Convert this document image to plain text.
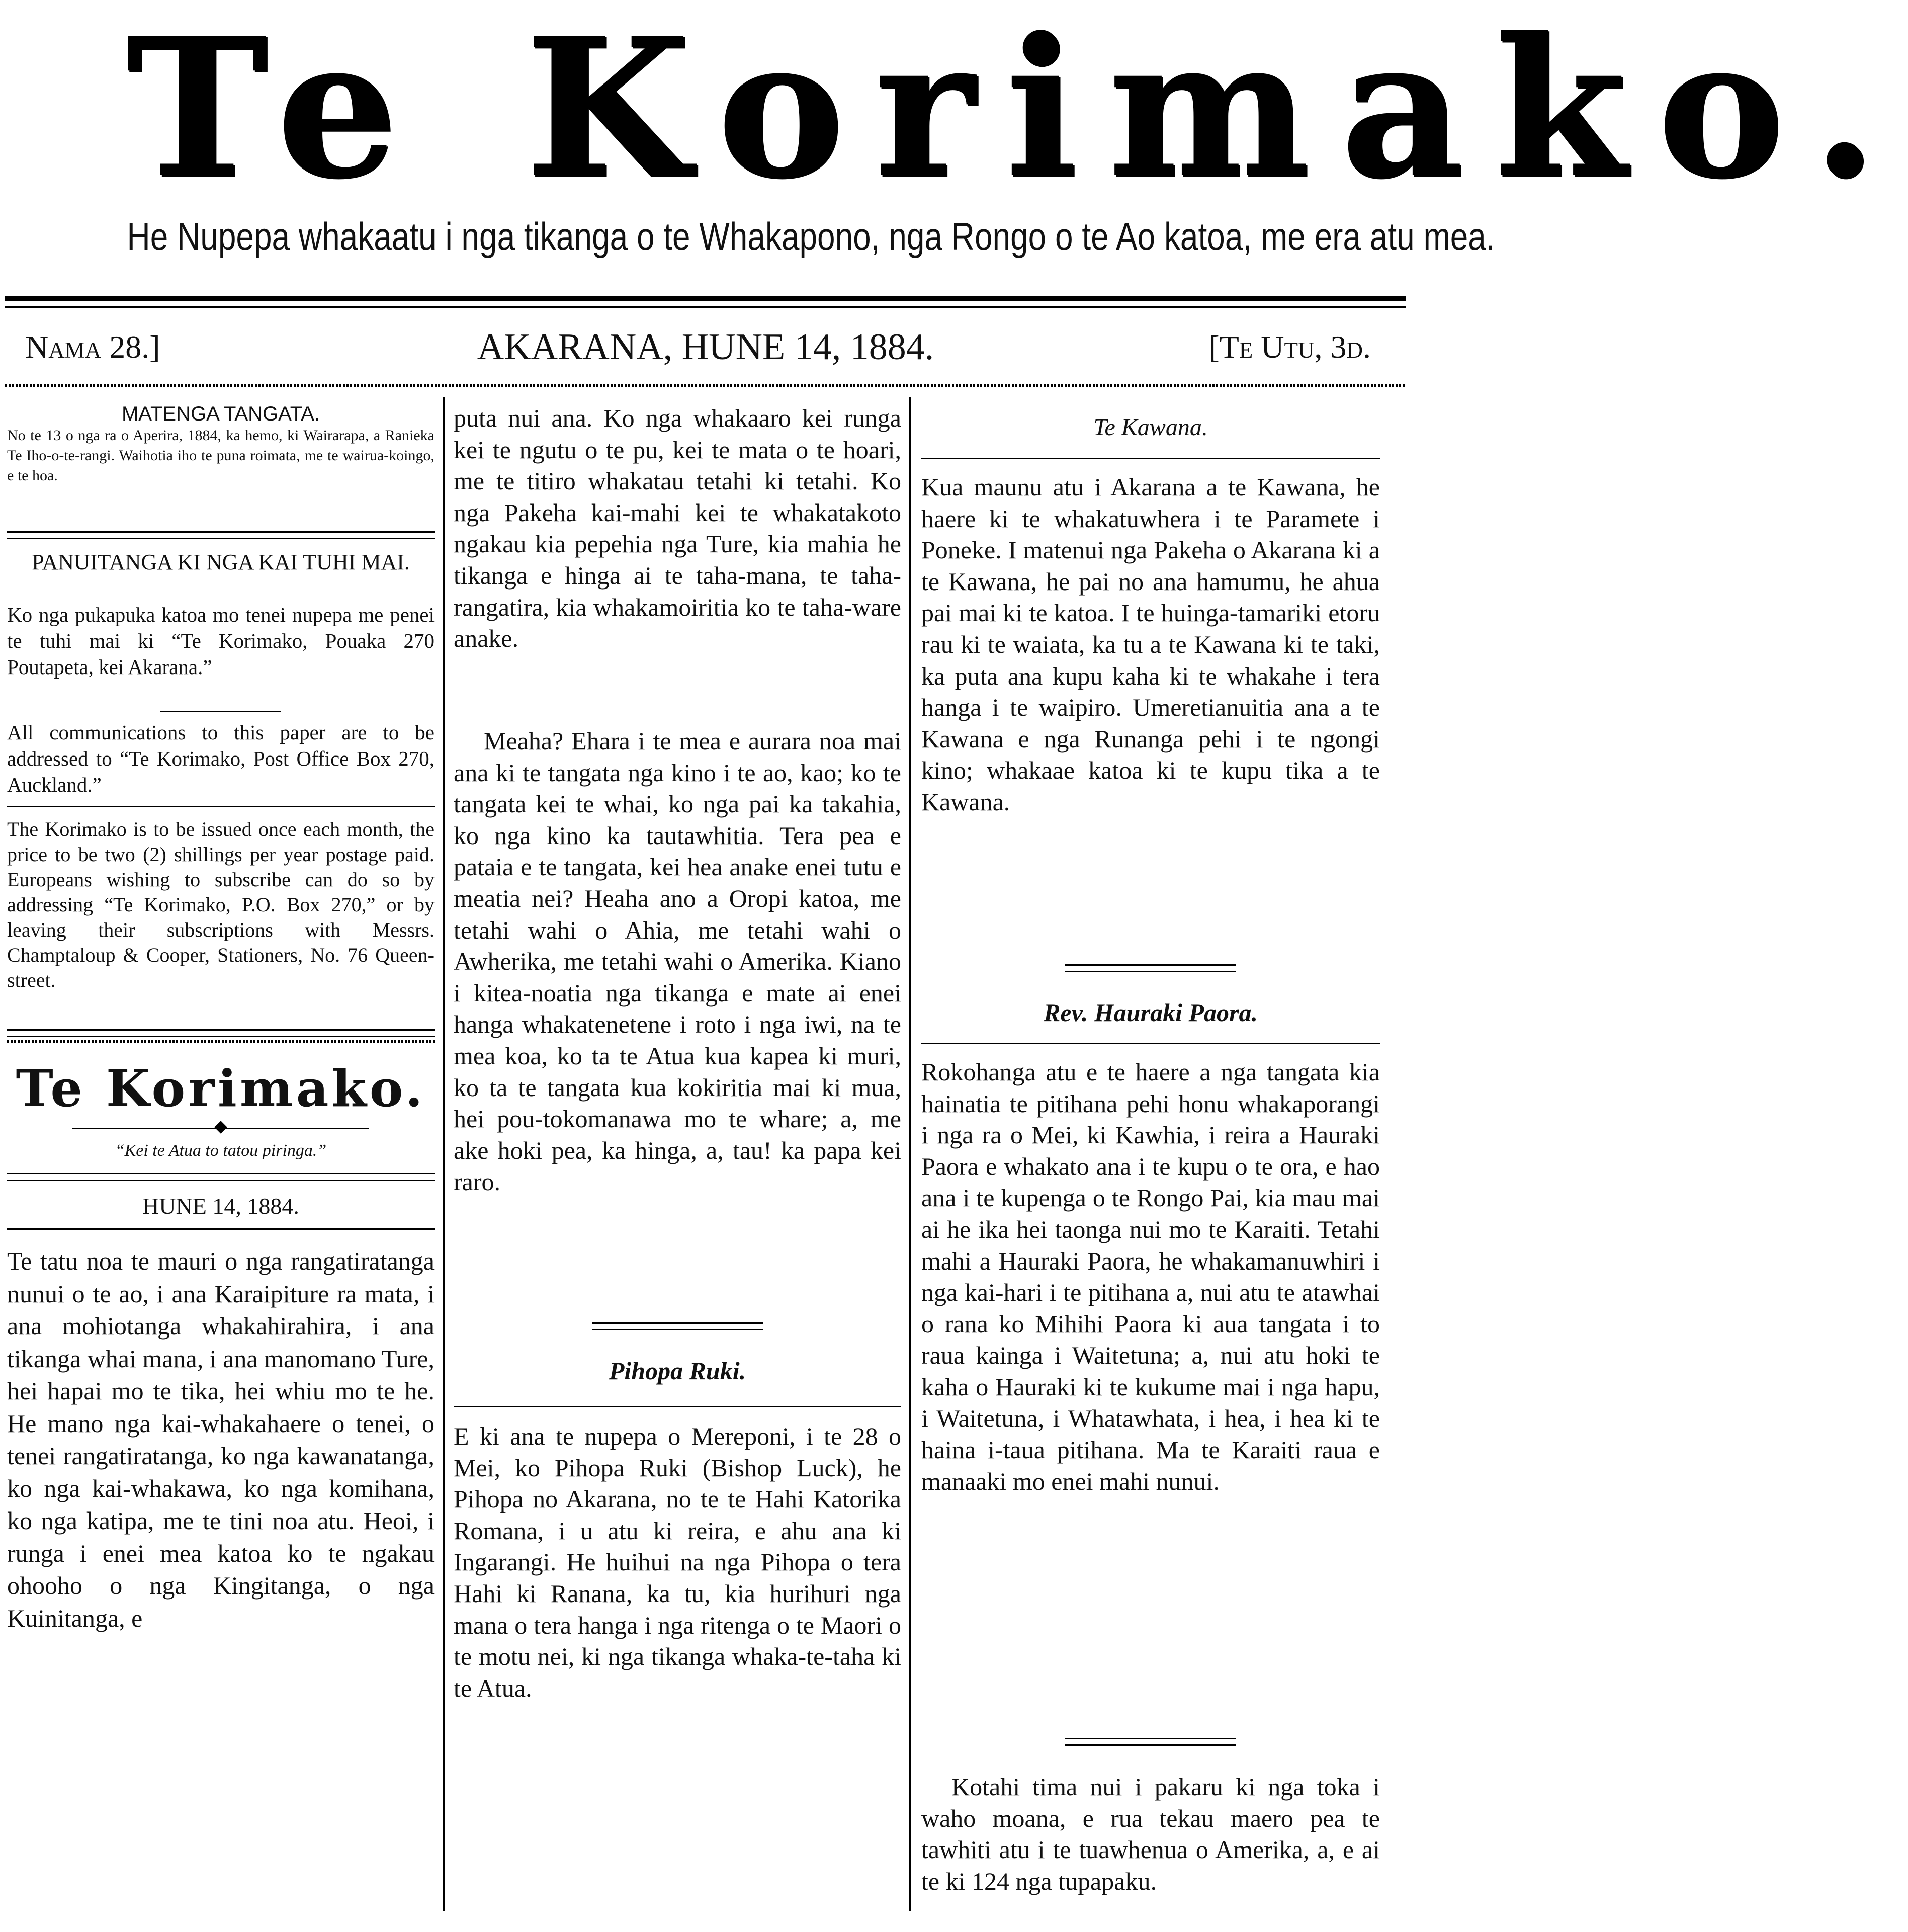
Te Korimako.
He Nupepa whakaatu i nga tikanga o te Whakapono, nga Rongo o te Ao katoa, me era atu mea.
AKARANA, HUNE 14, 1884.
Nama 28.]	[Te Utu, 3d.
MATENGA TANGATA.

No te 13 o nga ra o Aperira, 1884, ka hemo, ki Wairarapa, a Ranieka Te Iho-o-te-rangi. Waihotia iho te puna roimata, me te wairua-koingo, e te hoa.

PANUITANGA KI NGA KAI TUHI MAI.

Ko nga pukapuka katoa mo tenei nupepa me penei te tuhi mai ki “Te Korimako, Pouaka 270 Poutapeta, kei Akarana.”

All communications to this paper are to be addressed to “Te Korimako, Post Office Box 270, Auckland.”

The Korimako is to be issued once each month, the price to be two (2) shillings per year postage paid. Europeans wishing to subscribe can do so by addressing “Te Korimako, P.O. Box 270,” or by leaving their subscriptions with Messrs. Champtaloup & Cooper, Stationers, No. 76 Queen-street.

Te Korimako.
“Kei te Atua to tatou piringa.”
HUNE 14, 1884.

Te tatu noa te mauri o nga rangatiratanga nunui o te ao, i ana Karaipiture ra mata, i ana mohiotanga whakahirahira, i ana tikanga whai mana, i ana manomano Ture, hei hapai mo te tika, hei whiu mo te he. He mano nga kai-whakahaere o tenei, o tenei rangatiratanga, ko nga kawanatanga, ko nga kai-whakawa, ko nga komihana, ko nga katipa, me te tini noa atu. Heoi, i runga i enei mea katoa ko te ngakau ohooho o nga Kingitanga, o nga Kuinitanga, e

puta nui ana. Ko nga whakaaro kei runga kei te ngutu o te pu, kei te mata o te hoari, me te titiro whakatau tetahi ki tetahi. Ko nga Pakeha kai-mahi kei te whakatakoto ngakau kia pepehia nga Ture, kia mahia he tikanga e hinga ai te taha-mana, te taha-rangatira, kia whakamoiritia ko te taha-ware anake.

Meaha? Ehara i te mea e aurara noa mai ana ki te tangata nga kino i te ao, kao; ko te tangata kei te whai, ko nga pai ka takahia, ko nga kino ka tautawhitia. Tera pea e pataia e te tangata, kei hea anake enei tutu e meatia nei? Heaha ano a Oropi katoa, me tetahi wahi o Ahia, me tetahi wahi o Awherika, me tetahi wahi o Amerika. Kiano i kitea-noatia nga tikanga e mate ai enei hanga whakatenetene i roto i nga iwi, na te mea koa, ko ta te Atua kua kapea ki muri, ko ta te tangata kua kokiritia mai ki mua, hei pou-tokomanawa mo te whare; a, me ake hoki pea, ka hinga, a, tau! ka papa kei raro.

Pihopa Ruki.

E ki ana te nupepa o Mereponi, i te 28 o Mei, ko Pihopa Ruki (Bishop Luck), he Pihopa no Akarana, no te te Hahi Katorika Romana, i u atu ki reira, e ahu ana ki Ingarangi. He huihui na nga Pihopa o tera Hahi ki Ranana, ka tu, kia hurihuri nga mana o tera hanga i nga ritenga o te Maori o te motu nei, ki nga tikanga whaka-te-taha ki te Atua.

Te Kawana.

Kua maunu atu i Akarana a te Kawana, he haere ki te whakatuwhera i te Paramete i Poneke. I matenui nga Pakeha o Akarana ki a te Kawana, he pai no ana hamumu, he ahua pai mai ki te katoa. I te huinga-tamariki etoru rau ki te waiata, ka tu a te Kawana ki te taki, ka puta ana kupu kaha ki te whakahe i tera hanga i te waipiro. Umeretianuitia ana a te Kawana e nga Runanga pehi i te ngongi kino; whakaae katoa ki te kupu tika a te Kawana.

Rev. Hauraki Paora.

Rokohanga atu e te haere a nga tangata kia hainatia te pitihana pehi honu whakaporangi i nga ra o Mei, ki Kawhia, i reira a Hauraki Paora e whakato ana i te kupu o te ora, e hao ana i te kupenga o te Rongo Pai, kia mau mai ai he ika hei taonga nui mo te Karaiti. Tetahi mahi a Hauraki Paora, he whakamanuwhiri i nga kai-hari i te pitihana a, nui atu te atawhai o rana ko Mihihi Paora ki aua tangata i to raua kainga i Waitetuna; a, nui atu hoki te kaha o Hauraki ki te kukume mai i nga hapu, i Waitetuna, i Whatawhata, i hea, i hea ki te haina i-taua pitihana. Ma te Karaiti raua e manaaki mo enei mahi nunui.

Kotahi tima nui i pakaru ki nga toka i waho moana, e rua tekau maero pea te tawhiti atu i te tuawhenua o Amerika, a, e ai te ki 124 nga tupapaku.
